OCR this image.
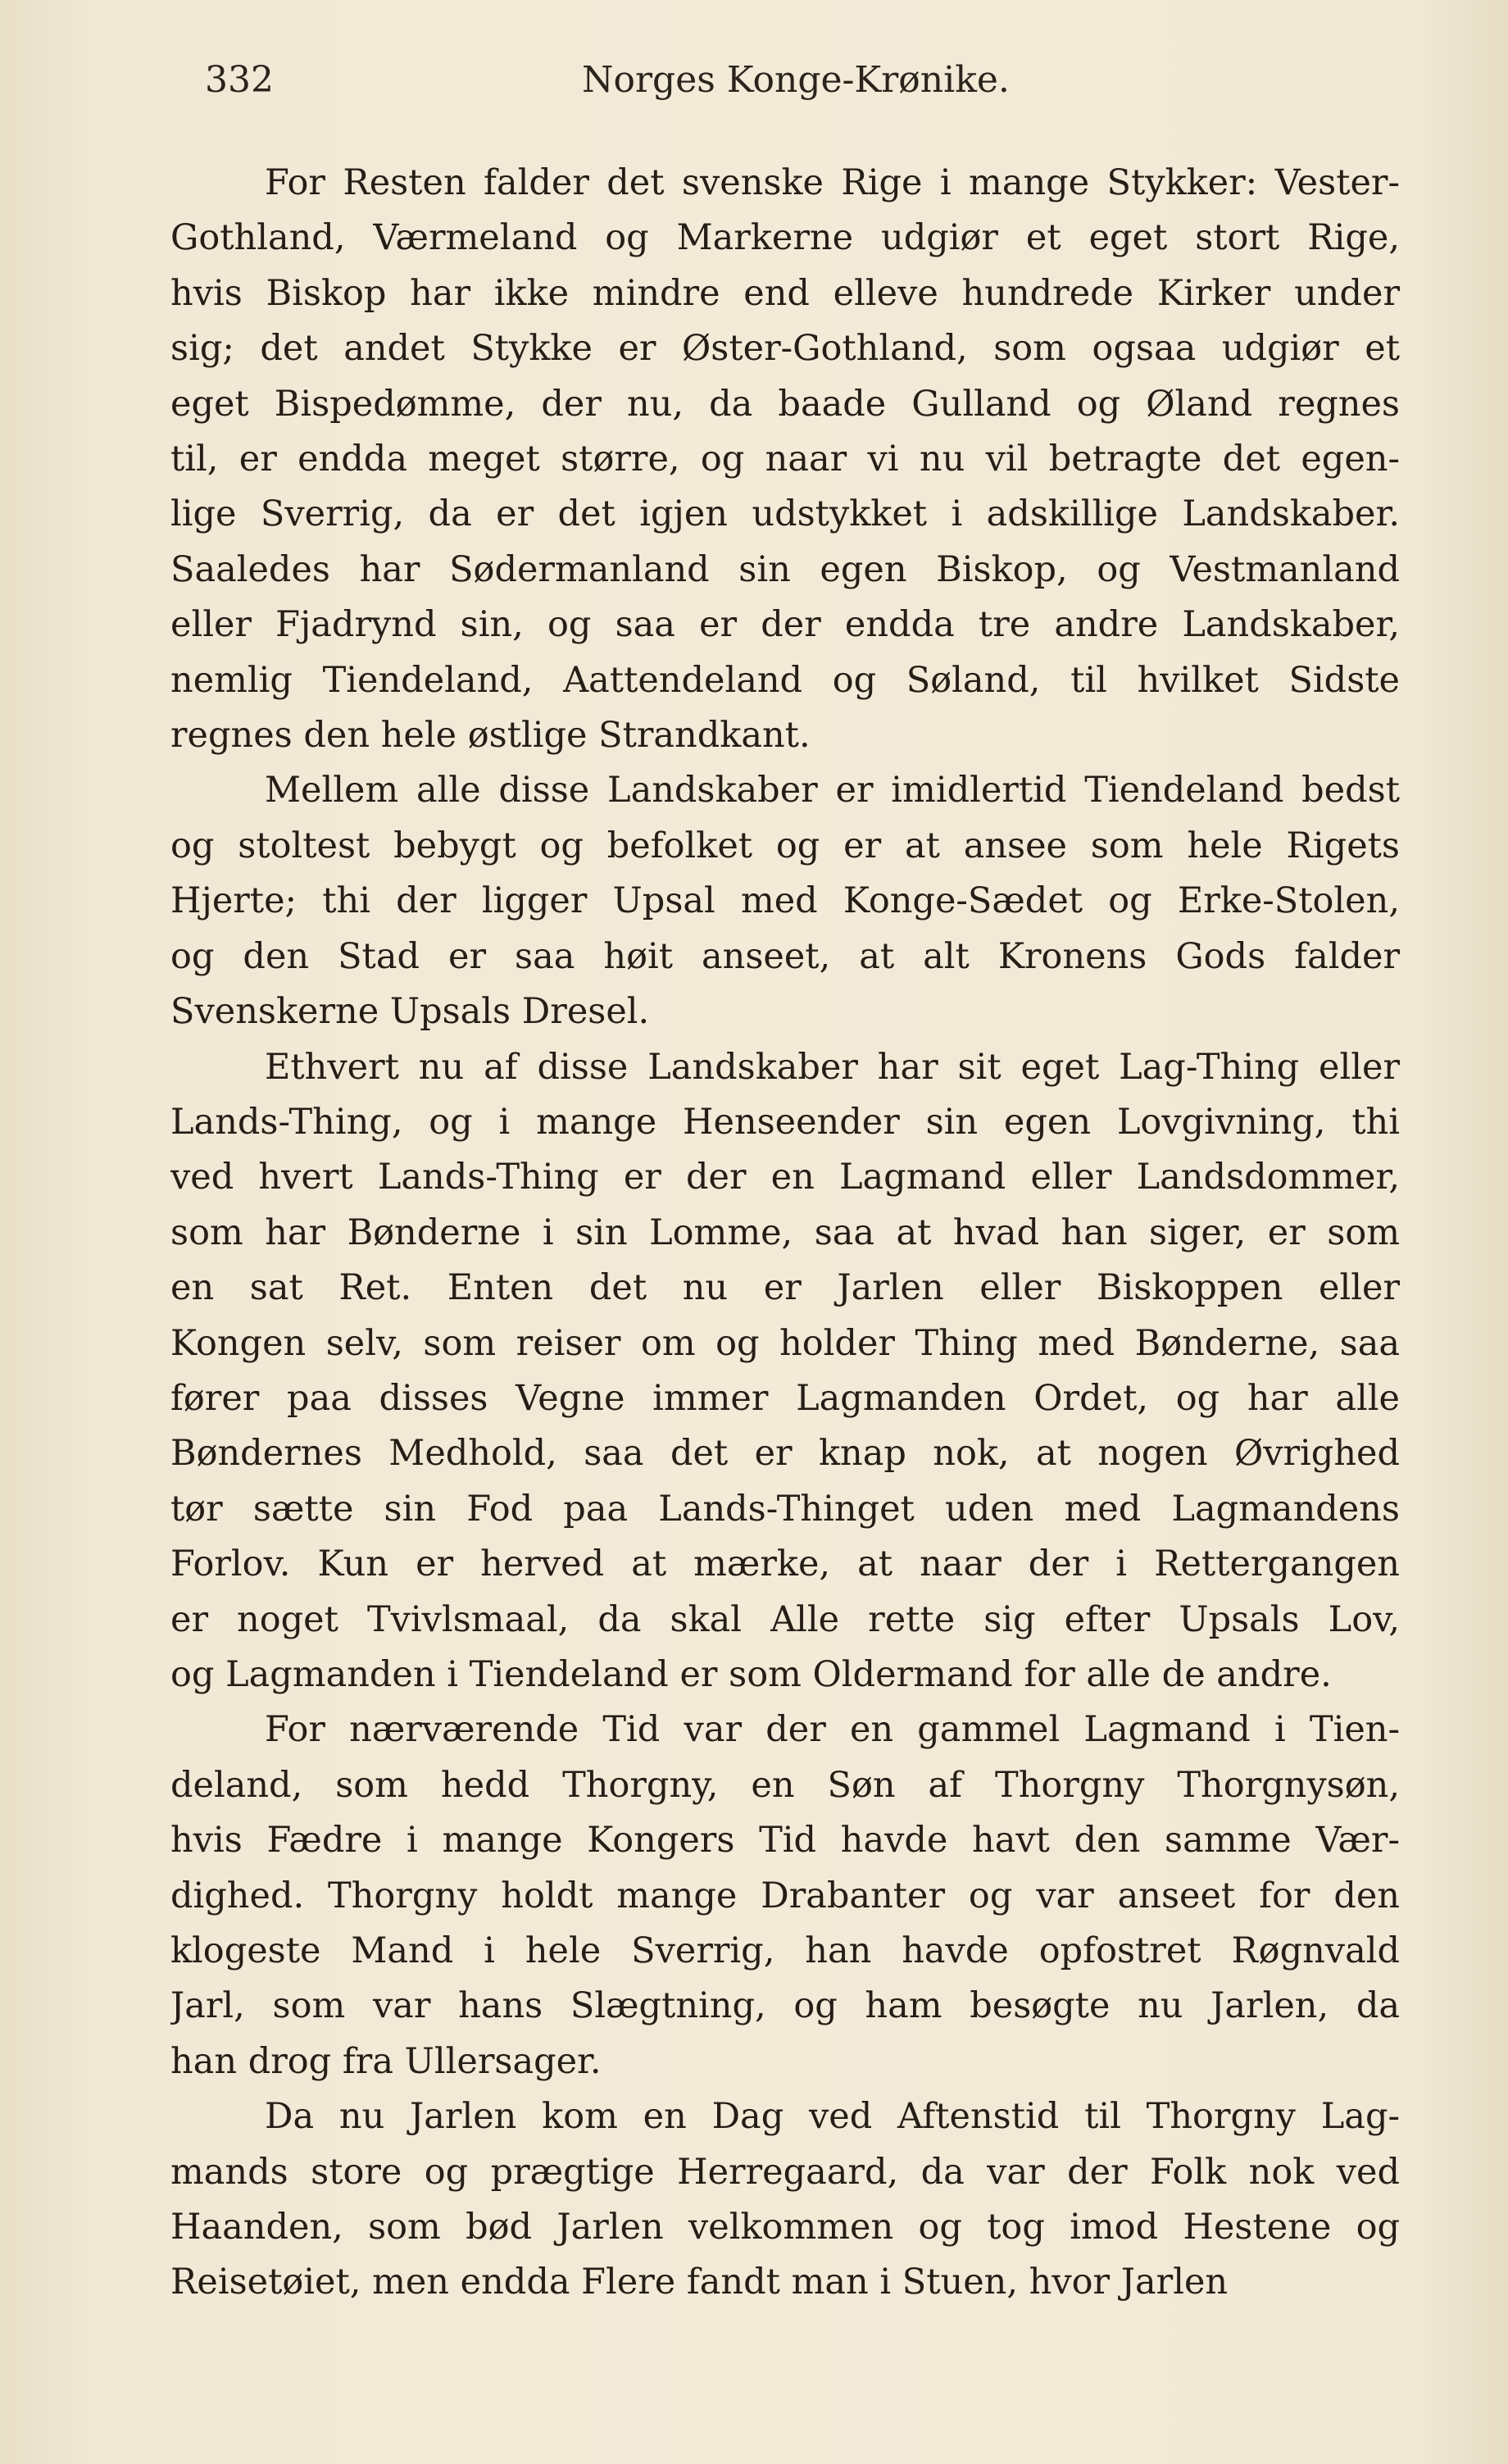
332	Norges Konge-Krønike.

For Resten falder det svenske Rige i mange Stykker: Vester-
Gothland, Værmeland og Markerne udgiør et eget stort Rige,
hvis Biskop har ikke mindre end elleve hundrede Kirker under
sig; det andet Stykke er Øster-Gothland, som ogsaa udgiør et
eget Bispedømme, der nu, da baade Gulland og Øland regnes
til, er endda meget større, og naar vi nu vil betragte det egen-
lige Sverrig, da er det igjen udstykket i adskillige Landskaber.
Saaledes har Sødermanland sin egen Biskop, og Vestmanland
eller Fjadrynd sin, og saa er der endda tre andre Landskaber,
nemlig Tiendeland, Aattendeland og Søland, til hvilket Sidste
regnes den hele østlige Strandkant.

Mellem alle disse Landskaber er imidlertid Tiendeland bedst
og stoltest bebygt og befolket og er at ansee som hele Rigets
Hjerte; thi der ligger Upsal med Konge-Sædet og Erke-Stolen,
og den Stad er saa høit anseet, at alt Kronens Gods falder
Svenskerne Upsals Dresel.

Ethvert nu af disse Landskaber har sit eget Lag-Thing eller
Lands-Thing, og i mange Henseender sin egen Lovgivning, thi
ved hvert Lands-Thing er der en Lagmand eller Landsdommer,
som har Bønderne i sin Lomme, saa at hvad han siger, er som
en sat Ret. Enten det nu er Jarlen eller Biskoppen eller
Kongen selv, som reiser om og holder Thing med Bønderne, saa
fører paa disses Vegne immer Lagmanden Ordet, og har alle
Bøndernes Medhold, saa det er knap nok, at nogen Øvrighed
tør sætte sin Fod paa Lands-Thinget uden med Lagmandens
Forlov. Kun er herved at mærke, at naar der i Rettergangen
er noget Tvivlsmaal, da skal Alle rette sig efter Upsals Lov,
og Lagmanden i Tiendeland er som Oldermand for alle de andre.

For nærværende Tid var der en gammel Lagmand i Tien-
deland, som hedd Thorgny, en Søn af Thorgny Thorgnysøn,
hvis Fædre i mange Kongers Tid havde havt den samme Vær-
dighed. Thorgny holdt mange Drabanter og var anseet for den
klogeste Mand i hele Sverrig, han havde opfostret Røgnvald
Jarl, som var hans Slægtning, og ham besøgte nu Jarlen, da
han drog fra Ullersager.

Da nu Jarlen kom en Dag ved Aftenstid til Thorgny Lag-
mands store og prægtige Herregaard, da var der Folk nok ved
Haanden, som bød Jarlen velkommen og tog imod Hestene og
Reisetøiet, men endda Flere fandt man i Stuen, hvor Jarlen
